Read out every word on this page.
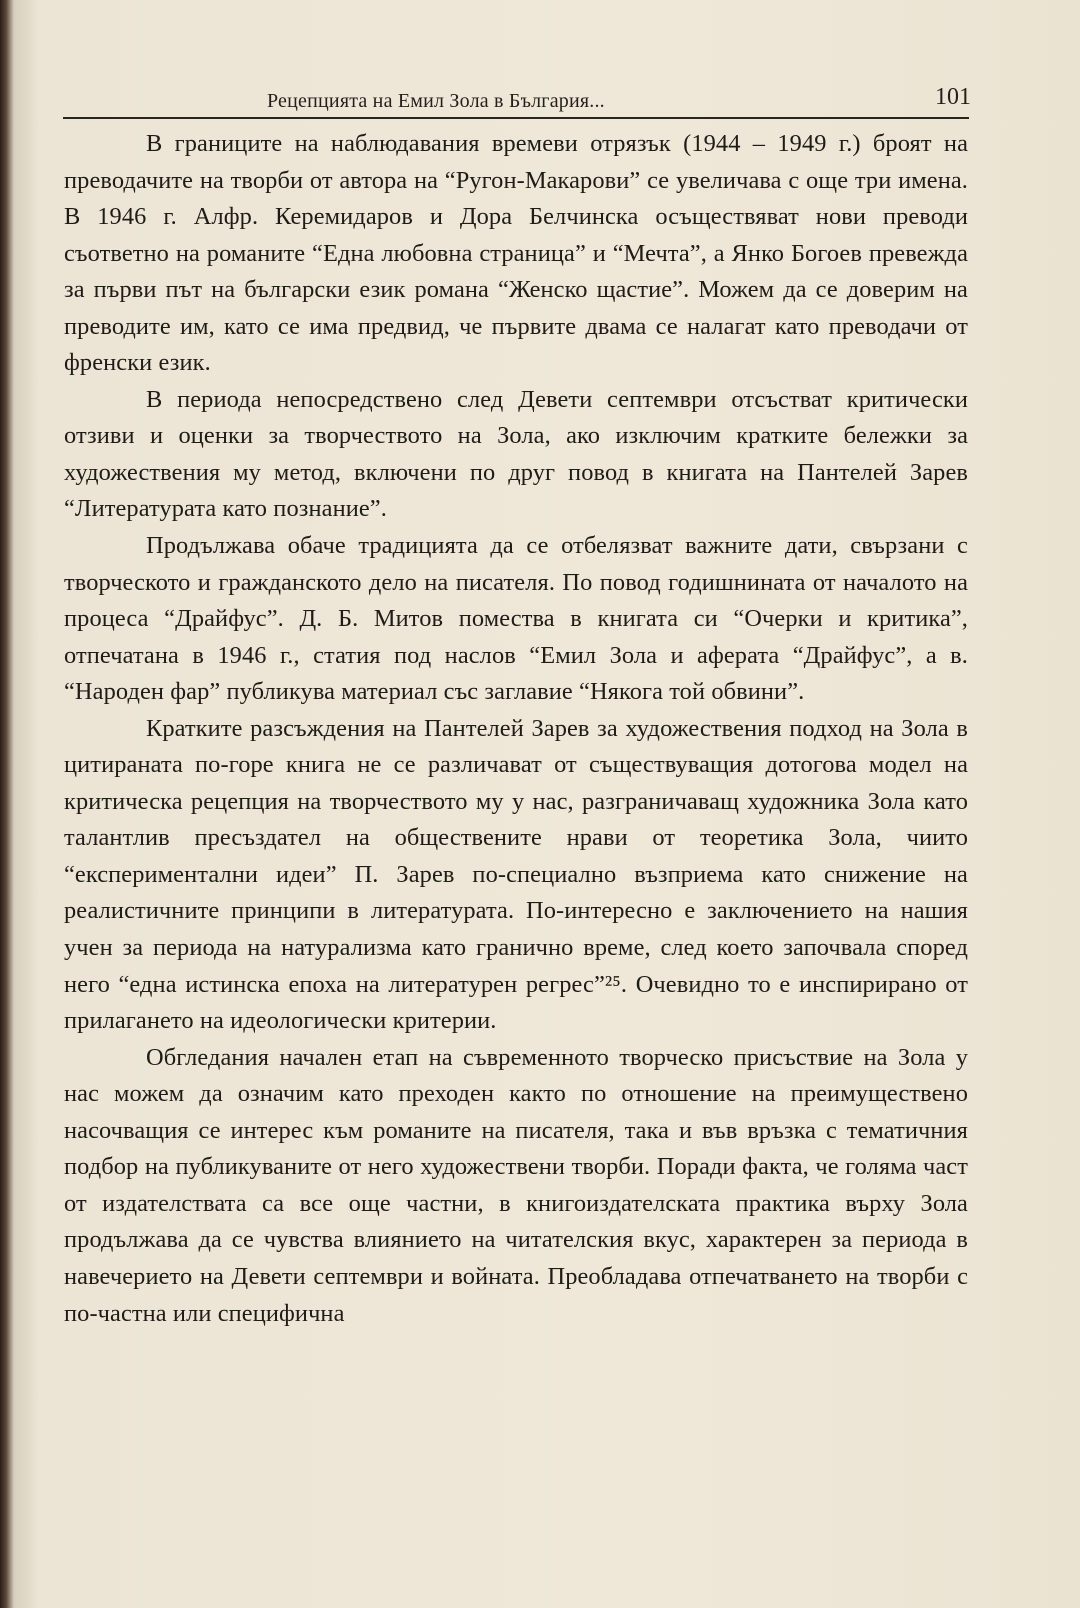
Рецепцията на Емил Зола в България...	101

В границите на наблюдавания времеви отрязък (1944 – 1949 г.) броят на преводачите на творби от автора на “Ругон-Макарови” се увеличава с още три имена. В 1946 г. Алфр. Керемидаров и Дора Белчинска осъществяват нови преводи съответно на романите “Една любовна страница” и “Мечта”, а Янко Богоев превежда за първи път на български език романа “Женско щастие”. Можем да се доверим на преводите им, като се има предвид, че първите двама се налагат като преводачи от френски език.

В периода непосредствено след Девети септември отсъстват критически отзиви и оценки за творчеството на Зола, ако изключим кратките бележки за художествения му метод, включени по друг повод в книгата на Пантелей Зарев “Литературата като познание”.

Продължава обаче традицията да се отбелязват важните дати, свързани с творческото и гражданското дело на писателя. По повод годишнината от началото на процеса “Драйфус”. Д. Б. Митов помества в книгата си “Очерки и критика”, отпечатана в 1946 г., статия под наслов “Емил Зола и аферата “Драйфус”, а в. “Народен фар” публикува материал със заглавие “Някога той обвини”.

Кратките разсъждения на Пантелей Зарев за художествения подход на Зола в цитираната по-горе книга не се различават от съществуващия дотогова модел на критическа рецепция на творчеството му у нас, разграничаващ художника Зола като талантлив пресъздател на обществените нрави от теоретика Зола, чиито “експериментални идеи” П. Зарев по-специално възприема като снижение на реалистичните принципи в литературата. По-интересно е заключението на нашия учен за периода на натурализма като гранично време, след което започвала според него “една истинска епоха на литературен регрес”²⁵. Очевидно то е инспирирано от прилагането на идеологически критерии.

Обгледания начален етап на съвременното творческо присъствие на Зола у нас можем да означим като преходен както по отношение на преимуществено насочващия се интерес към романите на писателя, така и във връзка с тематичния подбор на публикуваните от него художествени творби. Поради факта, че голяма част от издателствата са все още частни, в книгоиздателската практика върху Зола продължава да се чувства влиянието на читателския вкус, характерен за периода в навечерието на Девети септември и войната. Преобладава отпечатването на творби с по-частна или специфична
